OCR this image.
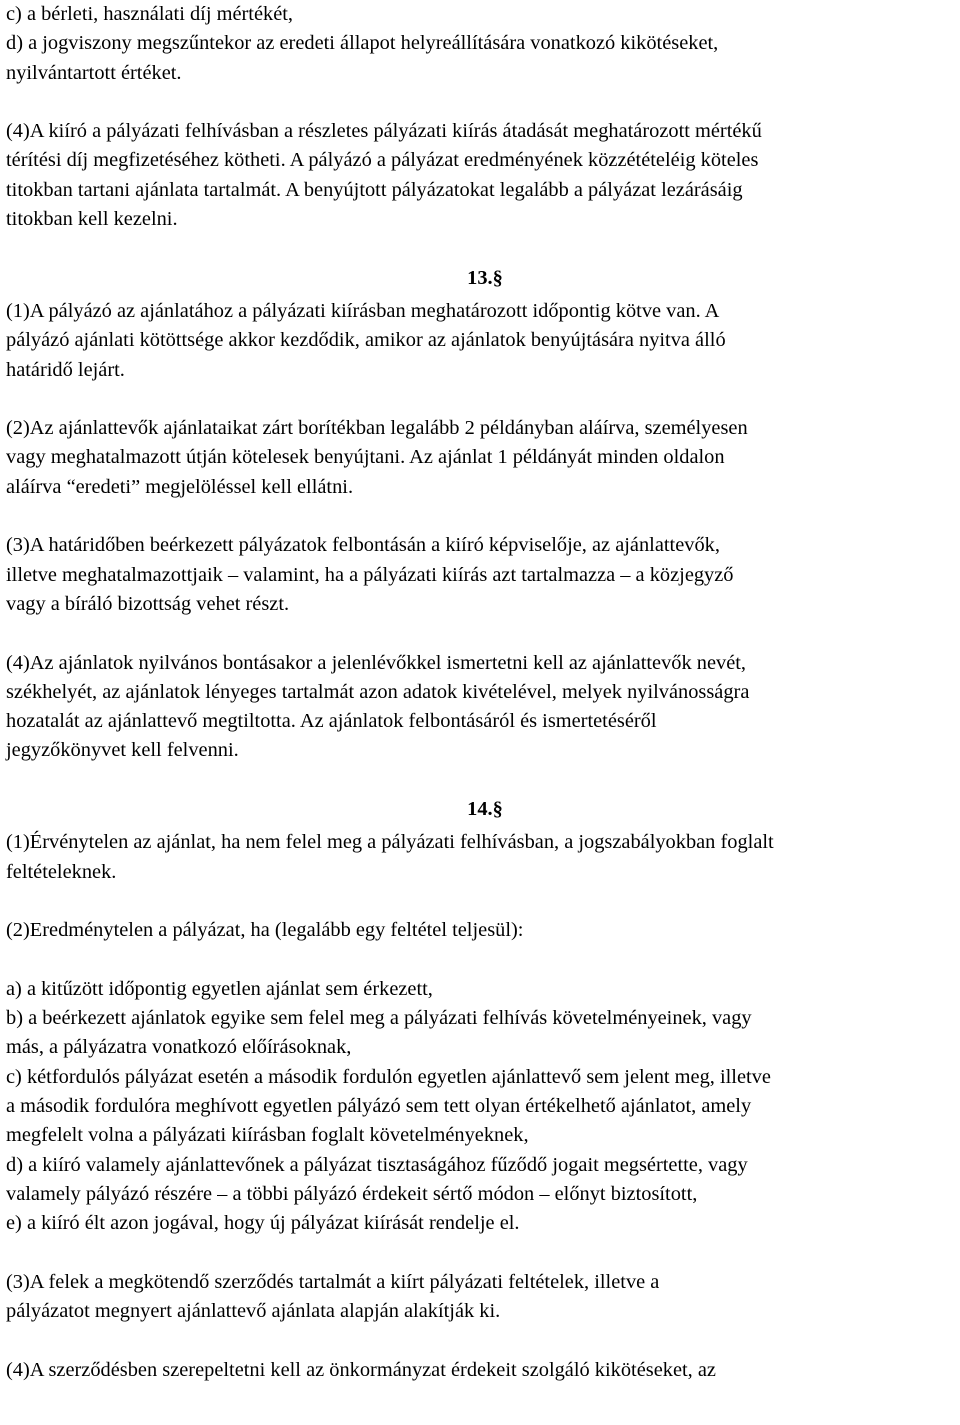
c) a bérleti, használati díj mértékét,
d) a jogviszony megszűntekor az eredeti állapot helyreállítására vonatkozó kikötéseket,
nyilvántartott értéket.
(4)A kiíró a pályázati felhívásban a részletes pályázati kiírás átadását meghatározott mértékű
térítési díj megfizetéséhez kötheti. A pályázó a pályázat eredményének közzétételéig köteles
titokban tartani ajánlata tartalmát. A benyújtott pályázatokat legalább a pályázat lezárásáig
titokban kell kezelni.
13.§
(1)A pályázó az ajánlatához a pályázati kiírásban meghatározott időpontig kötve van. A
pályázó ajánlati kötöttsége akkor kezdődik, amikor az ajánlatok benyújtására nyitva álló
határidő lejárt.
(2)Az ajánlattevők ajánlataikat zárt borítékban legalább 2 példányban aláírva, személyesen
vagy meghatalmazott útján kötelesek benyújtani. Az ajánlat 1 példányát minden oldalon
aláírva “eredeti” megjelöléssel kell ellátni.
(3)A határidőben beérkezett pályázatok felbontásán a kiíró képviselője, az ajánlattevők,
illetve meghatalmazottjaik – valamint, ha a pályázati kiírás azt tartalmazza – a közjegyző
vagy a bíráló bizottság vehet részt.
(4)Az ajánlatok nyilvános bontásakor a jelenlévőkkel ismertetni kell az ajánlattevők nevét,
székhelyét, az ajánlatok lényeges tartalmát azon adatok kivételével, melyek nyilvánosságra
hozatalát az ajánlattevő megtiltotta. Az ajánlatok felbontásáról és ismertetéséről
jegyzőkönyvet kell felvenni.
14.§
(1)Érvénytelen az ajánlat, ha nem felel meg a pályázati felhívásban, a jogszabályokban foglalt
feltételeknek.
(2)Eredménytelen a pályázat, ha (legalább egy feltétel teljesül):
a) a kitűzött időpontig egyetlen ajánlat sem érkezett,
b) a beérkezett ajánlatok egyike sem felel meg a pályázati felhívás követelményeinek, vagy
más, a pályázatra vonatkozó előírásoknak,
c) kétfordulós pályázat esetén a második fordulón egyetlen ajánlattevő sem jelent meg, illetve
a második fordulóra meghívott egyetlen pályázó sem tett olyan értékelhető ajánlatot, amely
megfelelt volna a pályázati kiírásban foglalt követelményeknek,
d) a kiíró valamely ajánlattevőnek a pályázat tisztaságához fűződő jogait megsértette, vagy
valamely pályázó részére – a többi pályázó érdekeit sértő módon – előnyt biztosított,
e) a kiíró élt azon jogával, hogy új pályázat kiírását rendelje el.
(3)A felek a megkötendő szerződés tartalmát a kiírt pályázati feltételek, illetve a
pályázatot megnyert ajánlattevő ajánlata alapján alakítják ki.
(4)A szerződésben szerepeltetni kell az önkormányzat érdekeit szolgáló kikötéseket, az
